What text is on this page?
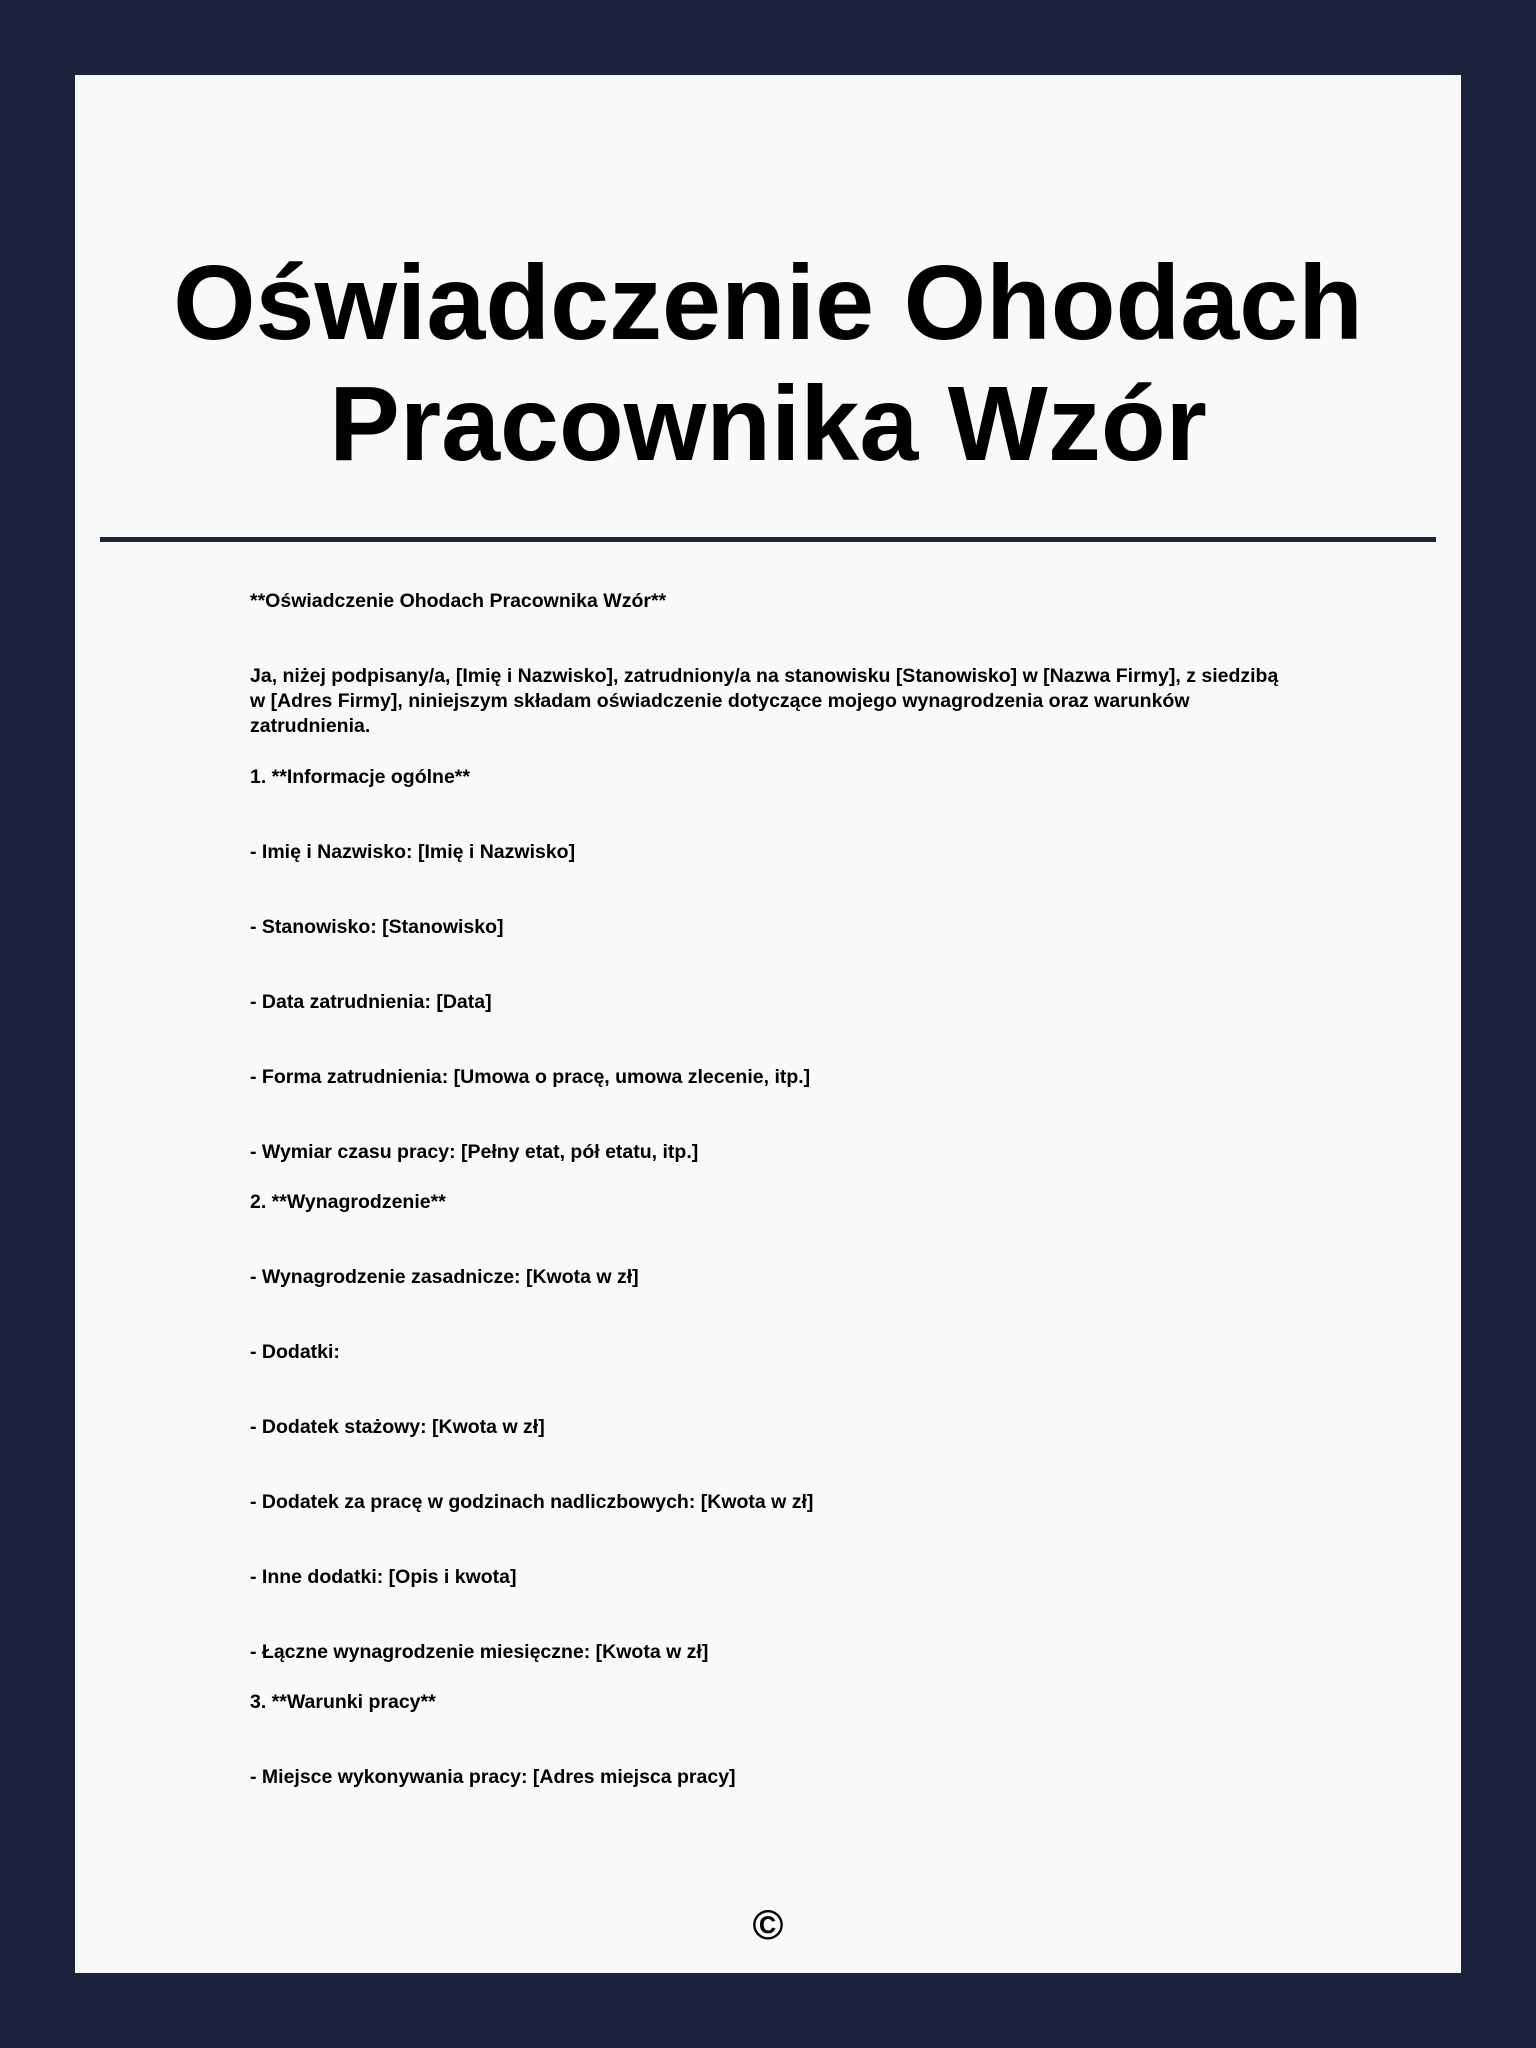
Oświadczenie Ohodach
Pracownika Wzór
**Oświadczenie Ohodach Pracownika Wzór**
Ja, niżej podpisany/a, [Imię i Nazwisko], zatrudniony/a na stanowisku [Stanowisko] w [Nazwa Firmy], z siedzibą w [Adres Firmy], niniejszym składam oświadczenie dotyczące mojego wynagrodzenia oraz warunków zatrudnienia.
1. **Informacje ogólne**
- Imię i Nazwisko: [Imię i Nazwisko]
- Stanowisko: [Stanowisko]
- Data zatrudnienia: [Data]
- Forma zatrudnienia: [Umowa o pracę, umowa zlecenie, itp.]
- Wymiar czasu pracy: [Pełny etat, pół etatu, itp.]
2. **Wynagrodzenie**
- Wynagrodzenie zasadnicze: [Kwota w zł]
- Dodatki:
- Dodatek stażowy: [Kwota w zł]
- Dodatek za pracę w godzinach nadliczbowych: [Kwota w zł]
- Inne dodatki: [Opis i kwota]
- Łączne wynagrodzenie miesięczne: [Kwota w zł]
3. **Warunki pracy**
- Miejsce wykonywania pracy: [Adres miejsca pracy]
©
